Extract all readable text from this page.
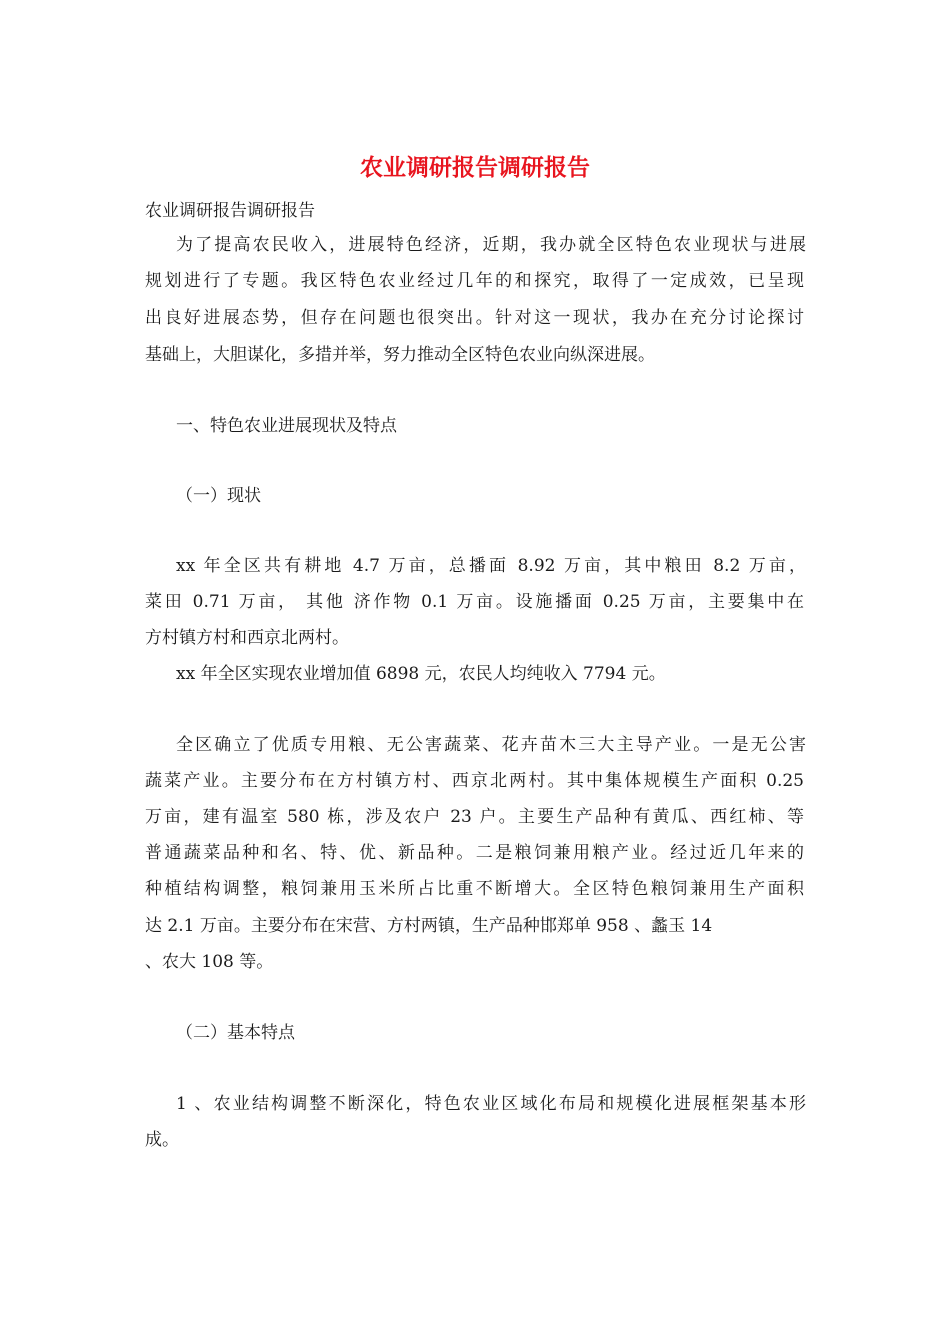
农业调研报告调研报告

农业调研报告调研报告

为了提高农民收入，进展特色经济，近期，我办就全区特色农业现状与进展

规划进行了专题。我区特色农业经过几年的和探究，取得了一定成效，已呈现

出良好进展态势，但存在问题也很突出。针对这一现状，我办在充分讨论探讨

基础上，大胆谋化，多措并举，努力推动全区特色农业向纵深进展。

一、特色农业进展现状及特点

（一）现状

xx 年全区共有耕地 4.7 万亩，总播面 8.92 万亩，其中粮田 8.2 万亩，

菜田 0.71 万亩， 其他 济作物 0.1 万亩。设施播面 0.25 万亩，主要集中在

方村镇方村和西京北两村。

xx 年全区实现农业增加值 6898 元，农民人均纯收入 7794 元。

全区确立了优质专用粮、无公害蔬菜、花卉苗木三大主导产业。一是无公害

蔬菜产业。主要分布在方村镇方村、西京北两村。其中集体规模生产面积 0.25

万亩，建有温室 580 栋，涉及农户 23 户。主要生产品种有黄瓜、西红柿、等

普通蔬菜品种和名、特、优、新品种。二是粮饲兼用粮产业。经过近几年来的

种植结构调整，粮饲兼用玉米所占比重不断增大。全区特色粮饲兼用生产面积

达 2.1 万亩。主要分布在宋营、方村两镇，生产品种邯郑单 958 、蠡玉 14

、农大 108 等。

（二）基本特点

1 、农业结构调整不断深化，特色农业区域化布局和规模化进展框架基本形

成。
